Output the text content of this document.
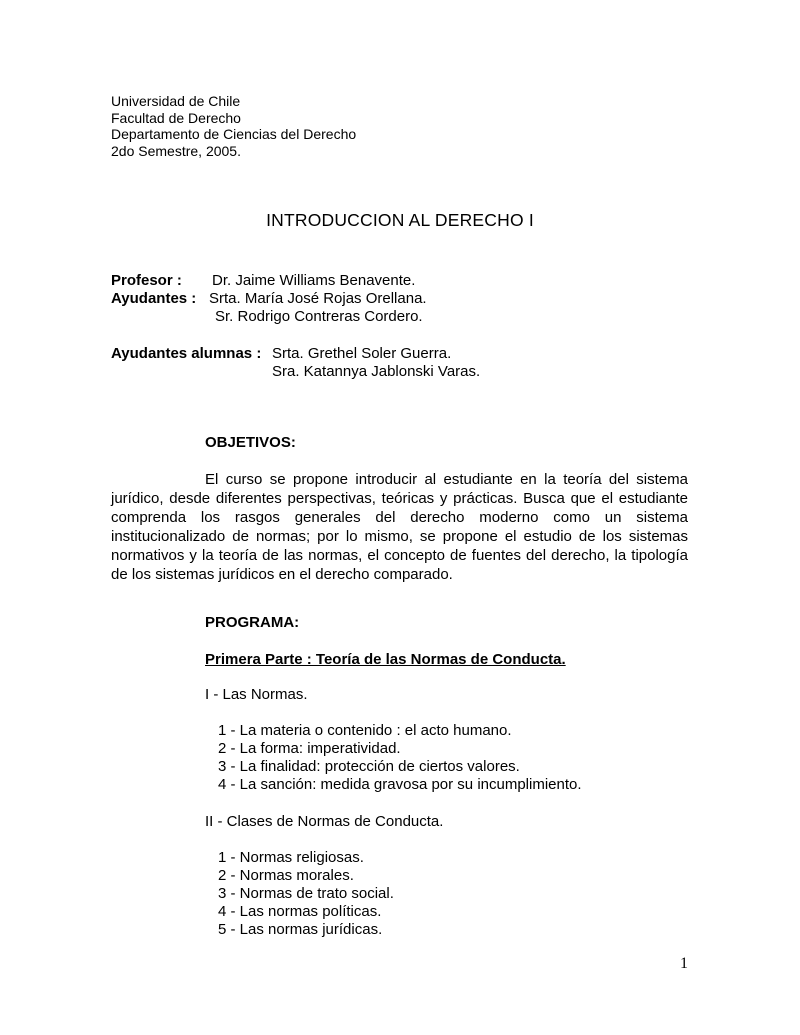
Universidad de Chile
Facultad de Derecho
Departamento de Ciencias del Derecho
2do Semestre, 2005.
INTRODUCCION AL DERECHO I
Profesor : Dr. Jaime Williams Benavente.
Ayudantes : Srta. María José Rojas Orellana.
Sr. Rodrigo Contreras Cordero.
Ayudantes alumnas : Srta. Grethel Soler Guerra.
Sra. Katannya Jablonski Varas.
OBJETIVOS:
El curso se propone introducir al estudiante en la teoría del sistema jurídico, desde diferentes perspectivas, teóricas y prácticas. Busca que el estudiante comprenda los rasgos generales del derecho moderno como un sistema institucionalizado de normas; por lo mismo, se propone el estudio de los sistemas normativos y la teoría de las normas, el concepto de fuentes del derecho, la tipología de los sistemas jurídicos en el derecho comparado.
PROGRAMA:
Primera Parte : Teoría de las Normas de Conducta.
I - Las Normas.
1 - La materia o contenido : el acto humano.
2 - La forma: imperatividad.
3 - La finalidad: protección de ciertos valores.
4 - La sanción: medida gravosa por su incumplimiento.
II - Clases de Normas de Conducta.
1 - Normas religiosas.
2 - Normas morales.
3 - Normas de trato social.
4 - Las normas políticas.
5 - Las normas jurídicas.
1
